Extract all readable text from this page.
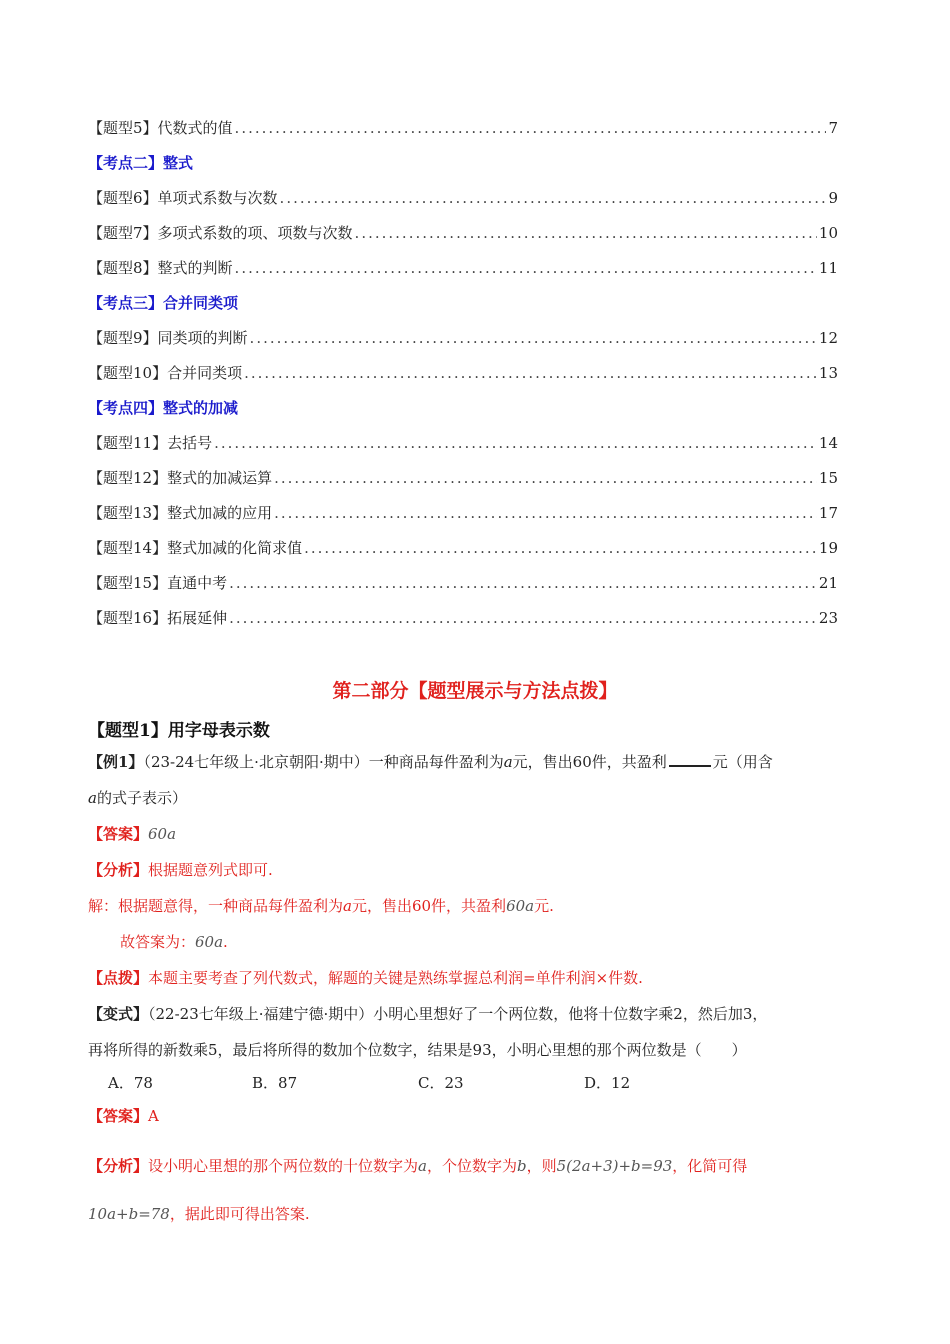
【题型5】代数式的值 .....	7
【考点二】整式
【题型6】单项式系数与次数 .....	9
【题型7】多项式系数的项、项数与次数 .....	10
【题型8】整式的判断 .....	11
【考点三】合并同类项
【题型9】同类项的判断 .....	12
【题型10】合并同类项 .....	13
【考点四】整式的加减
【题型11】去括号 .....	14
【题型12】整式的加减运算 .....	15
【题型13】整式加减的应用 .....	17
【题型14】整式加减的化简求值 .....	19
【题型15】直通中考 .....	21
【题型16】拓展延伸 .....	23
第二部分【题型展示与方法点拨】
【题型1】用字母表示数
【例1】（23-24七年级上·北京朝阳·期中）一种商品每件盈利为a元，售出60件，共盈利	元（用含
a的式子表示）
【答案】60a
【分析】根据题意列式即可.
解：根据题意得，一种商品每件盈利为a元，售出60件，共盈利60a元.
故答案为：60a.
【点拨】本题主要考查了列代数式，解题的关键是熟练掌握总利润=单件利润×件数.
【变式】（22-23七年级上·福建宁德·期中）小明心里想好了一个两位数，他将十位数字乘2，然后加3，
再将所得的新数乘5，最后将所得的数加个位数字，结果是93，小明心里想的那个两位数是（　　）
A．78	B．87	C．23	D．12
【答案】A
【分析】设小明心里想的那个两位数的十位数字为a，个位数字为b，则5(2a+3)+b=93，化简可得
10a+b=78，据此即可得出答案.
